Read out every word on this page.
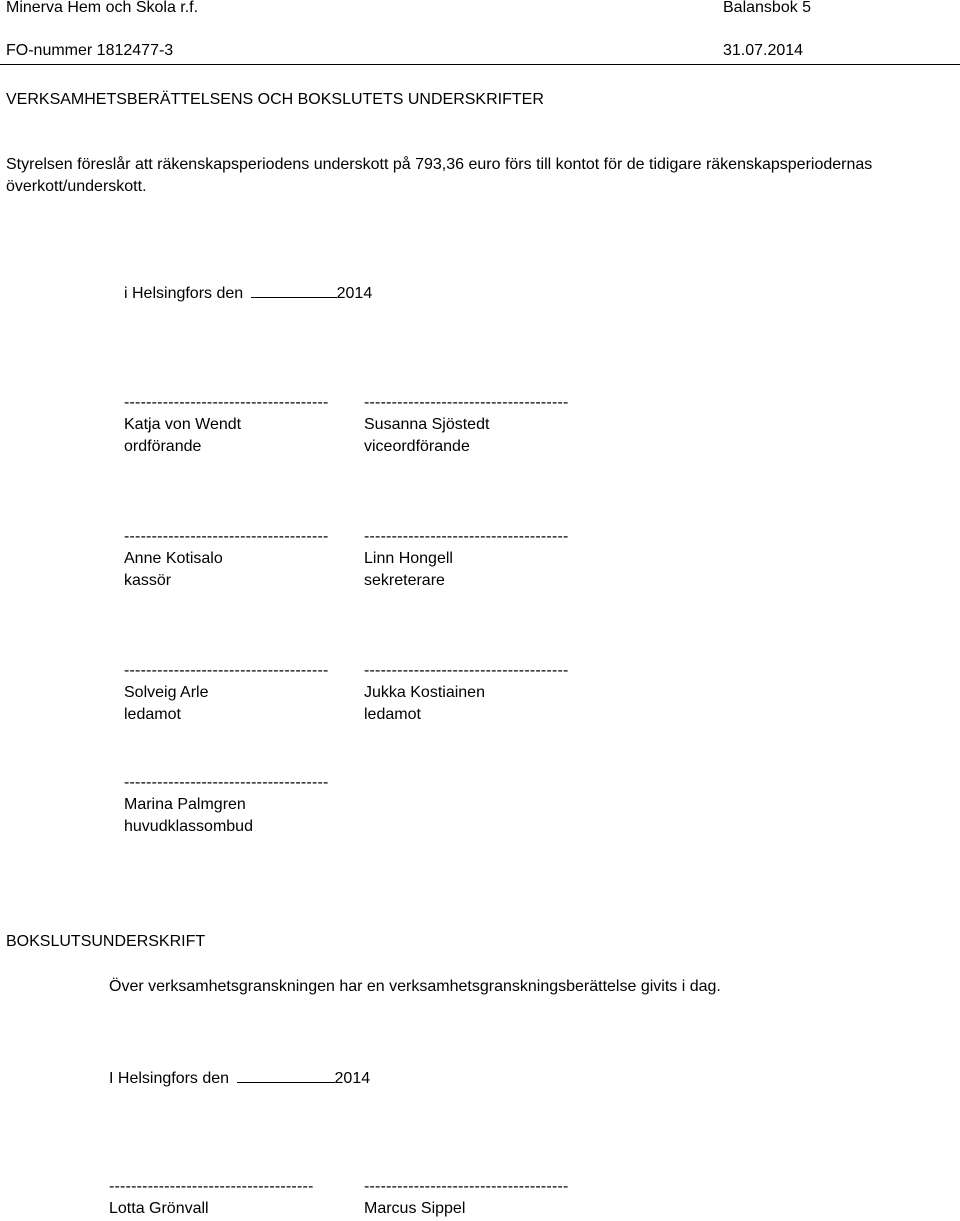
Minerva Hem och Skola r.f.	Balansbok 5
FO-nummer 1812477-3	31.07.2014
VERKSAMHETSBERÄTTELSENS OCH BOKSLUTETS UNDERSKRIFTER
Styrelsen föreslår att räkenskapsperiodens underskott på 793,36 euro förs till kontot för de tidigare räkenskapsperiodernas
överkott/underskott.
i Helsingfors den	2014
-------------------------------------
Katja von Wendt
ordförande
-------------------------------------
Susanna Sjöstedt
viceordförande
-------------------------------------
Anne Kotisalo
kassör
-------------------------------------
Linn Hongell
sekreterare
-------------------------------------
Solveig Arle
ledamot
-------------------------------------
Jukka Kostiainen
ledamot
-------------------------------------
Marina Palmgren
huvudklassombud
BOKSLUTSUNDERSKRIFT
Över verksamhetsgranskningen har en verksamhetsgranskningsberättelse givits i dag.
I Helsingfors den	2014
-------------------------------------
Lotta Grönvall
-------------------------------------
Marcus Sippel
